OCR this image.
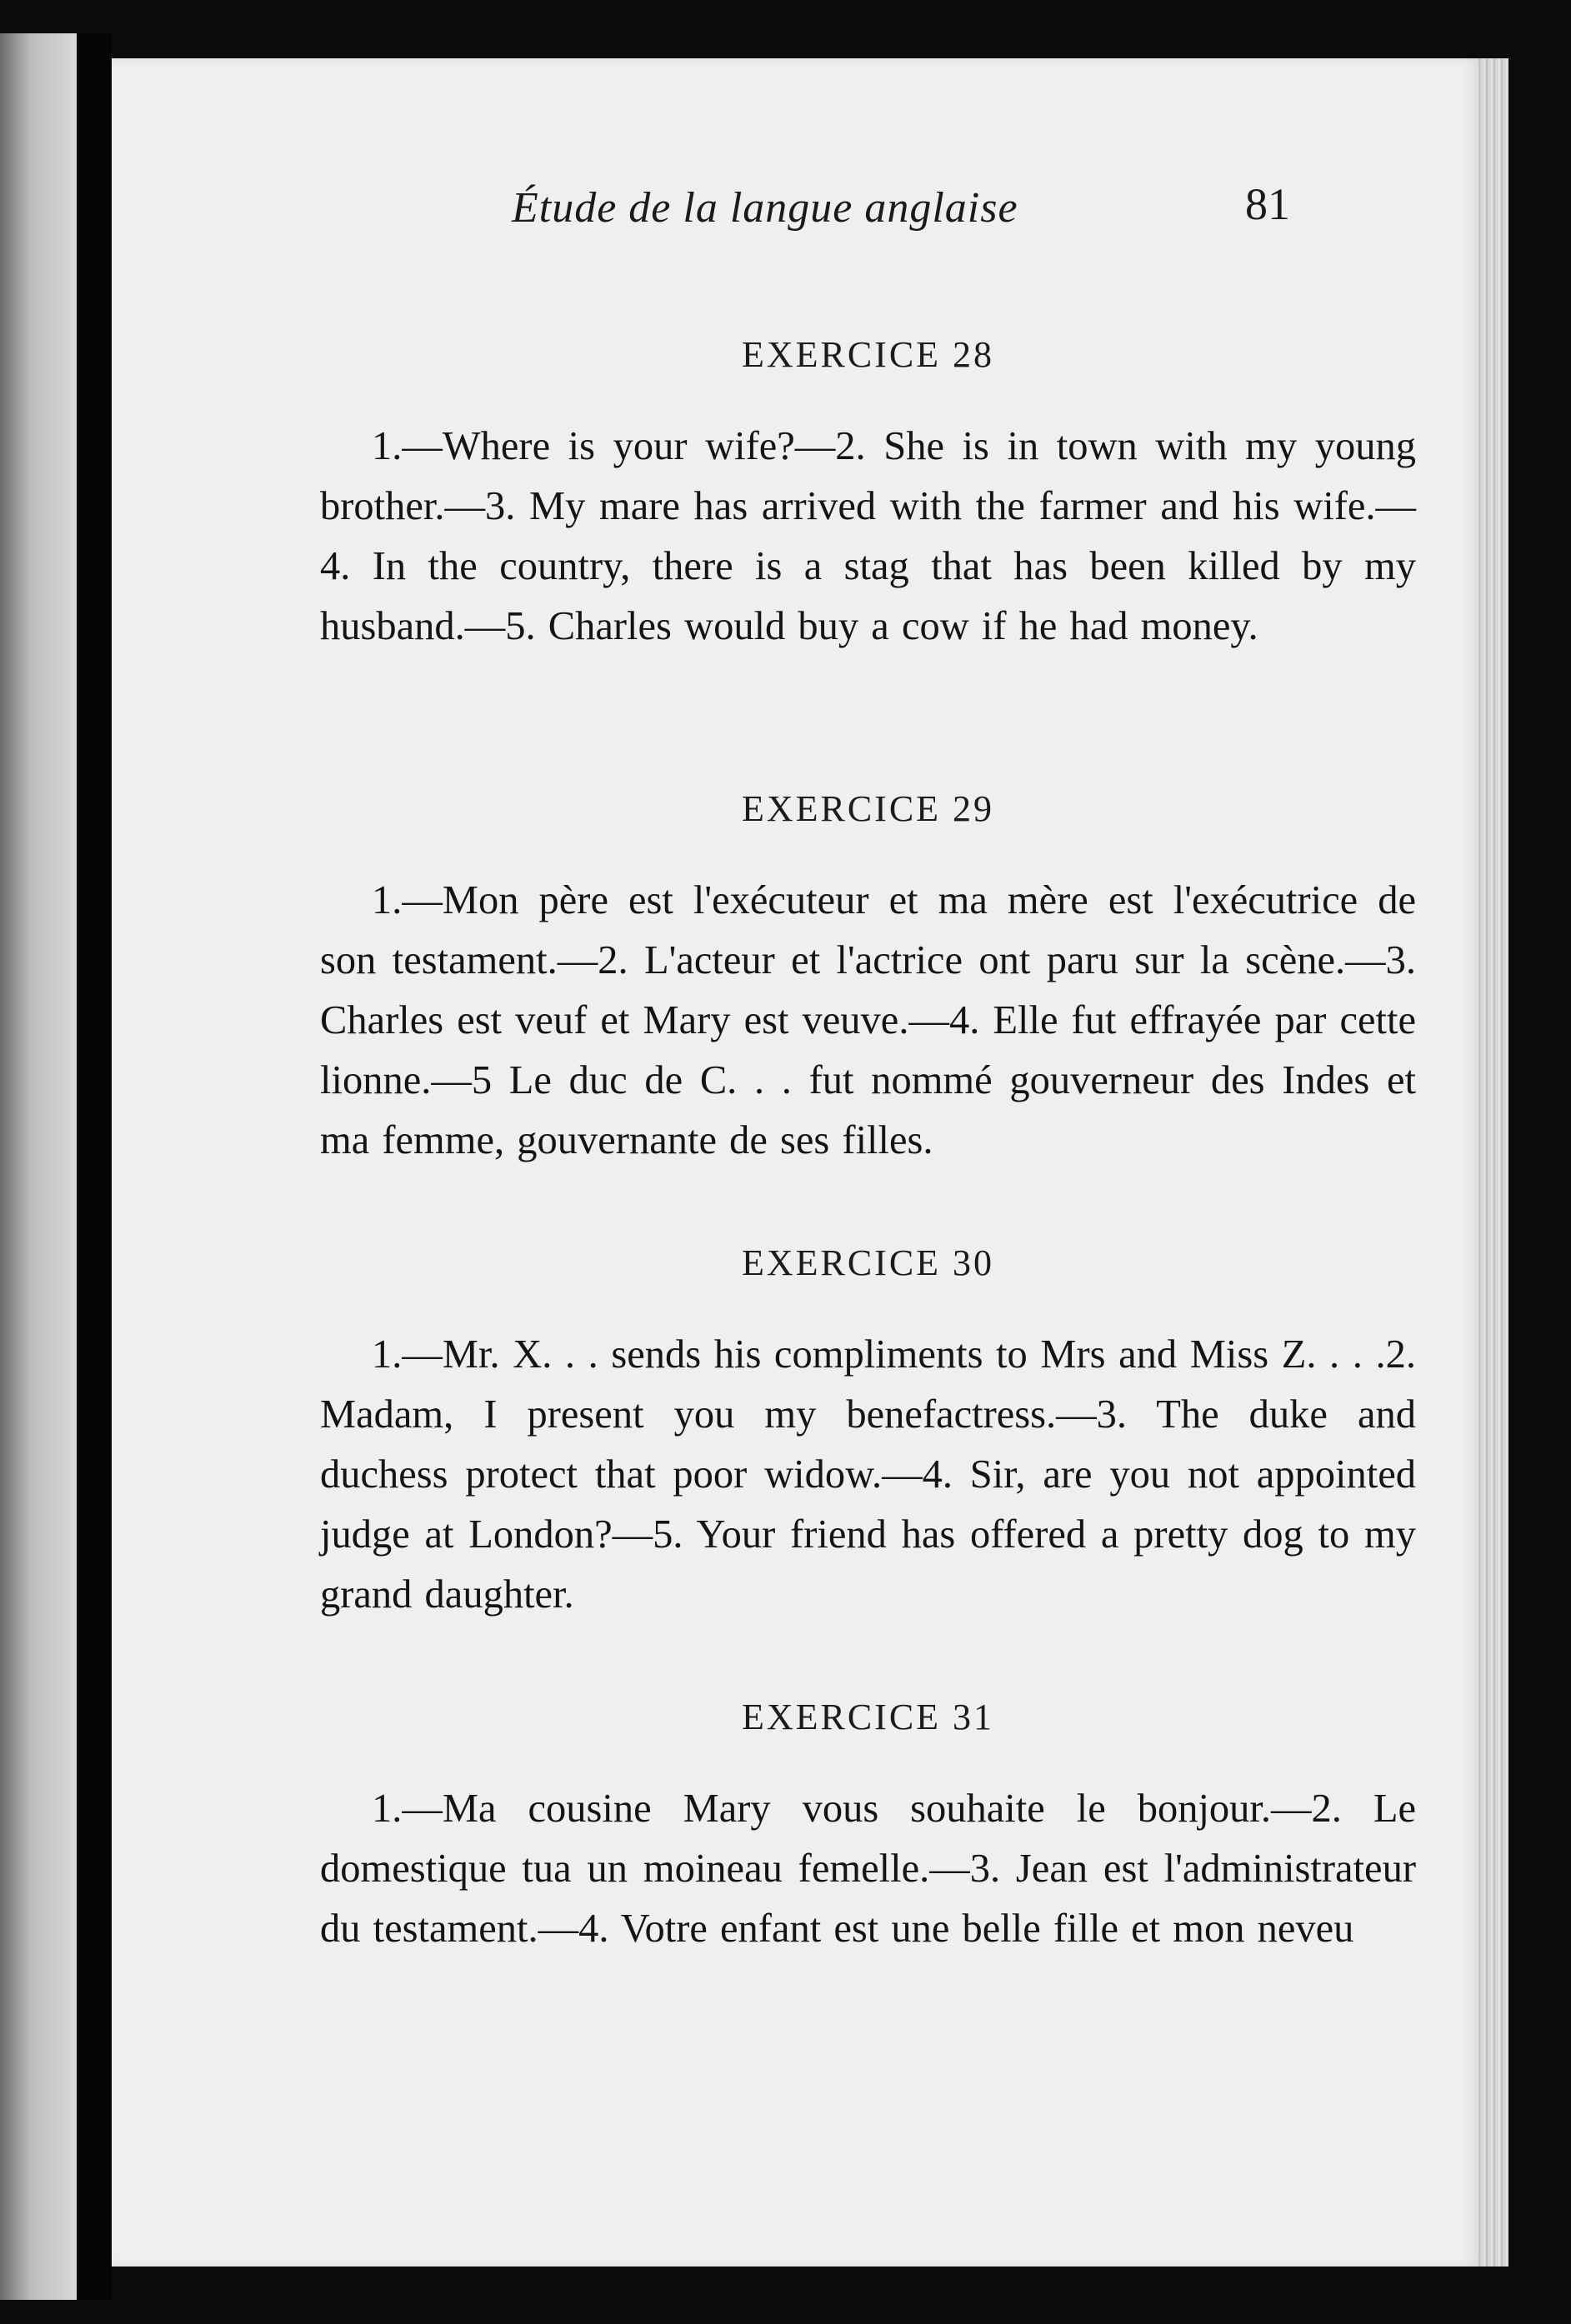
Étude de la langue anglaise	81
EXERCICE 28

1.—Where is your wife?—2. She is in town with my young brother.—3. My mare has arrived with the farmer and his wife.—4. In the country, there is a stag that has been killed by my husband.—5. Charles would buy a cow if he had money.

EXERCICE 29

1.—Mon père est l'exécuteur et ma mère est l'exécutrice de son testament.—2. L'acteur et l'actrice ont paru sur la scène.—3. Charles est veuf et Mary est veuve.—4. Elle fut effrayée par cette lionne.—5 Le duc de C. . . fut nommé gouverneur des Indes et ma femme, gouvernante de ses filles.

EXERCICE 30

1.—Mr. X. . . sends his compliments to Mrs and Miss Z. . . .2. Madam, I present you my benefactress.—3. The duke and duchess protect that poor widow.—4. Sir, are you not appointed judge at London?—5. Your friend has offered a pretty dog to my grand daughter.

EXERCICE 31

1.—Ma cousine Mary vous souhaite le bonjour.—2. Le domestique tua un moineau femelle.—3. Jean est l'administrateur du testament.—4. Votre enfant est une belle fille et mon neveu
